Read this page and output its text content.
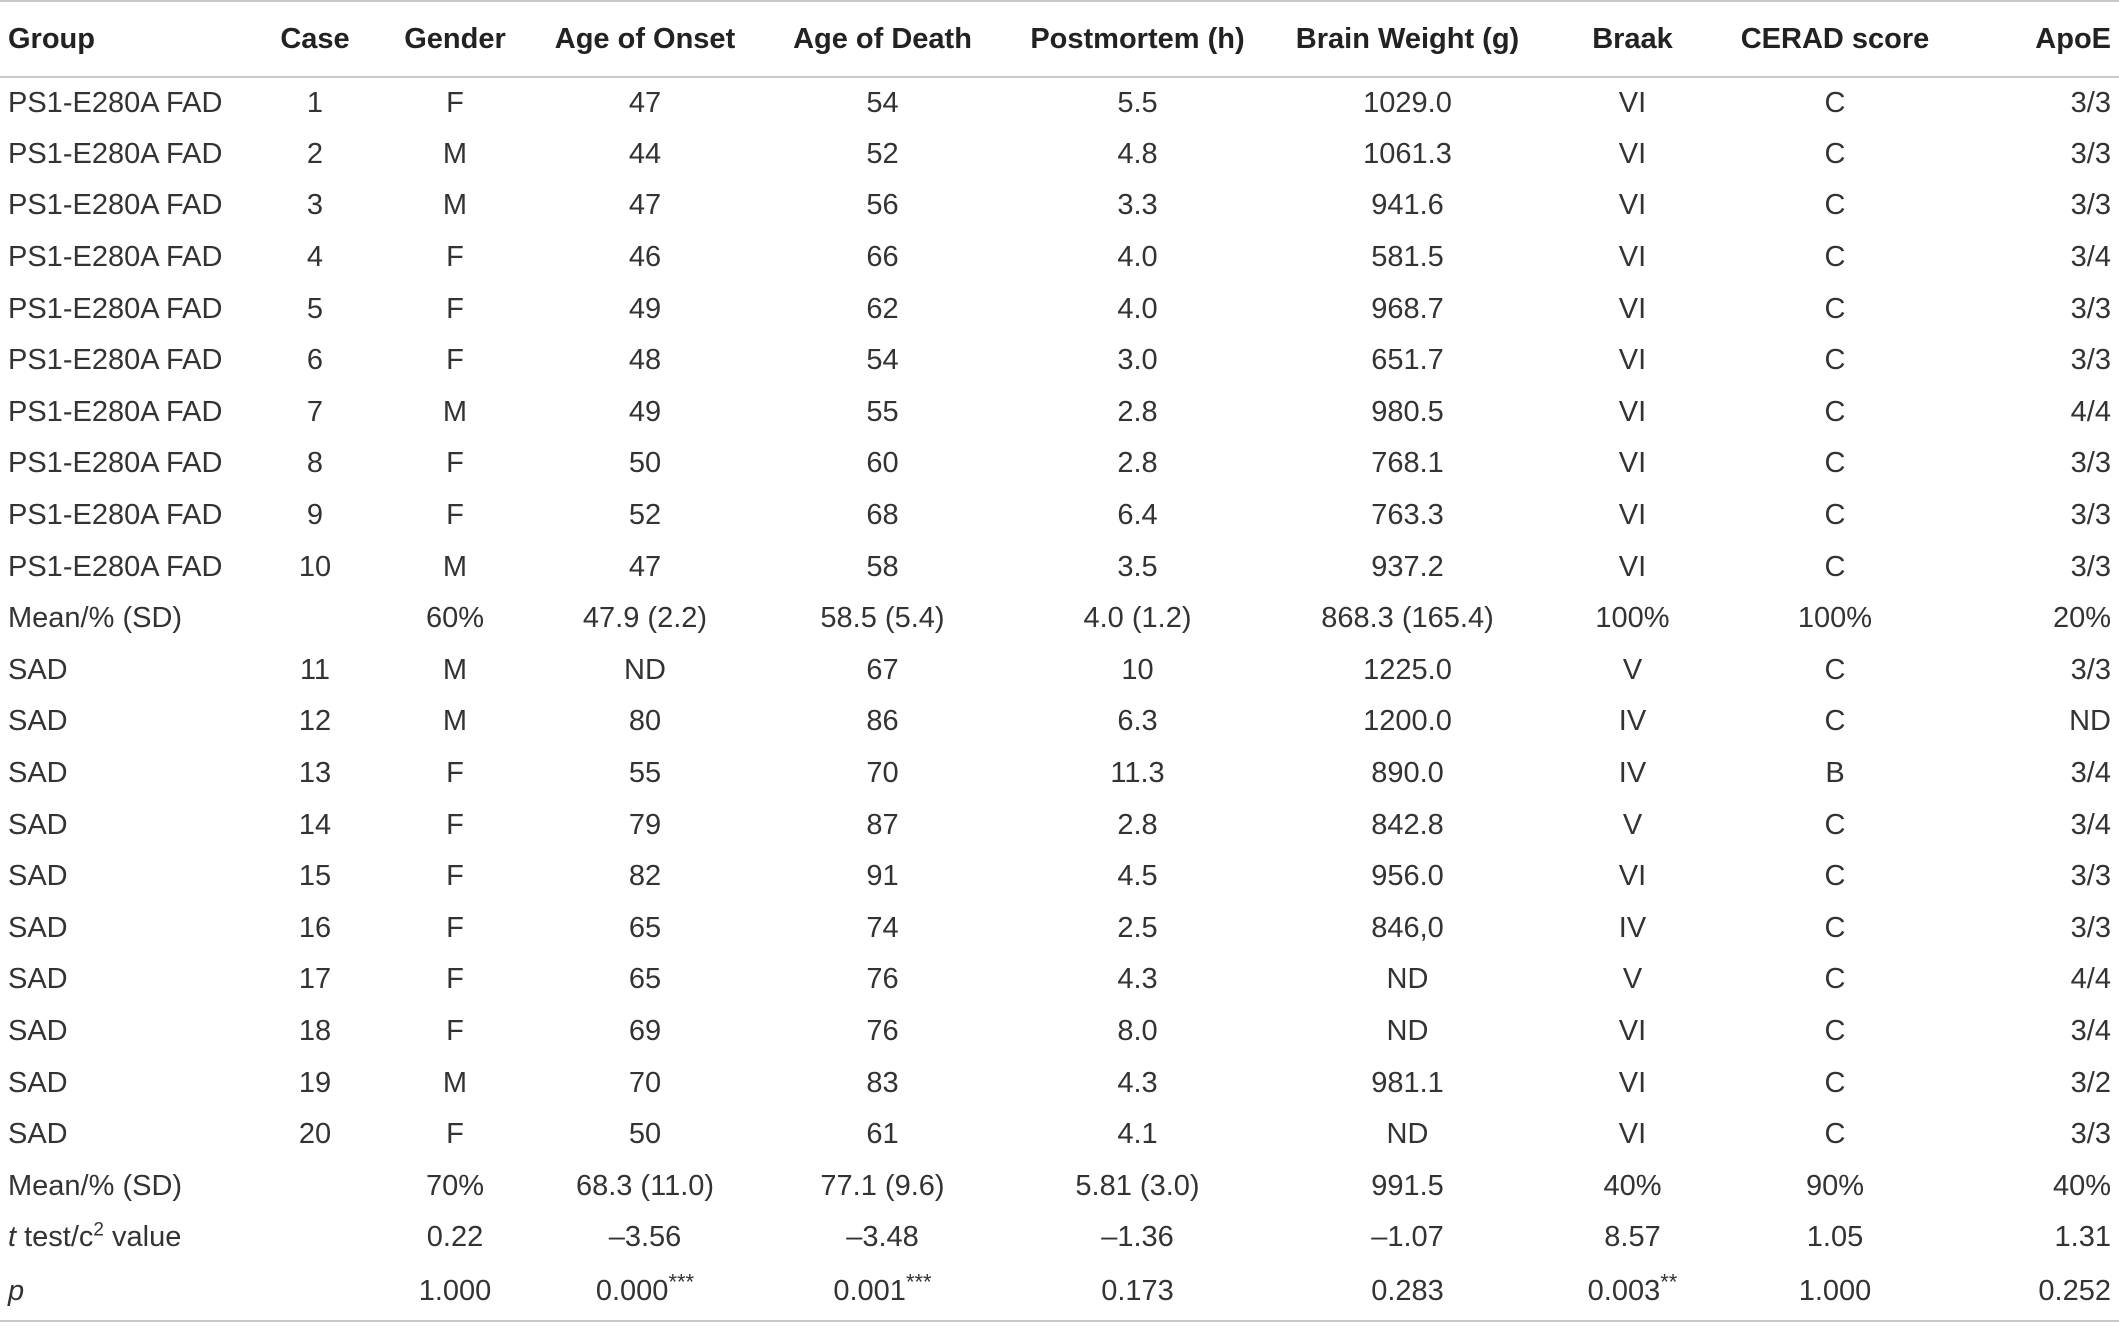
Group	Case	Gender	Age of Onset	Age of Death	Postmortem (h)	Brain Weight (g)	Braak	CERAD score	ApoE
PS1-E280A FAD	1	F	47	54	5.5	1029.0	VI	C	3/3
PS1-E280A FAD	2	M	44	52	4.8	1061.3	VI	C	3/3
PS1-E280A FAD	3	M	47	56	3.3	941.6	VI	C	3/3
PS1-E280A FAD	4	F	46	66	4.0	581.5	VI	C	3/4
PS1-E280A FAD	5	F	49	62	4.0	968.7	VI	C	3/3
PS1-E280A FAD	6	F	48	54	3.0	651.7	VI	C	3/3
PS1-E280A FAD	7	M	49	55	2.8	980.5	VI	C	4/4
PS1-E280A FAD	8	F	50	60	2.8	768.1	VI	C	3/3
PS1-E280A FAD	9	F	52	68	6.4	763.3	VI	C	3/3
PS1-E280A FAD	10	M	47	58	3.5	937.2	VI	C	3/3
Mean/% (SD)		60%	47.9 (2.2)	58.5 (5.4)	4.0 (1.2)	868.3 (165.4)	100%	100%	20%
SAD	11	M	ND	67	10	1225.0	V	C	3/3
SAD	12	M	80	86	6.3	1200.0	IV	C	ND
SAD	13	F	55	70	11.3	890.0	IV	B	3/4
SAD	14	F	79	87	2.8	842.8	V	C	3/4
SAD	15	F	82	91	4.5	956.0	VI	C	3/3
SAD	16	F	65	74	2.5	846,0	IV	C	3/3
SAD	17	F	65	76	4.3	ND	V	C	4/4
SAD	18	F	69	76	8.0	ND	VI	C	3/4
SAD	19	M	70	83	4.3	981.1	VI	C	3/2
SAD	20	F	50	61	4.1	ND	VI	C	3/3
Mean/% (SD)		70%	68.3 (11.0)	77.1 (9.6)	5.81 (3.0)	991.5	40%	90%	40%
t test/$c^2$ value		0.22	–3.56	–3.48	–1.36	–1.07	8.57	1.05	1.31
p		1.000	0.000***	0.001***	0.173	0.283	0.003**	1.000	0.252
